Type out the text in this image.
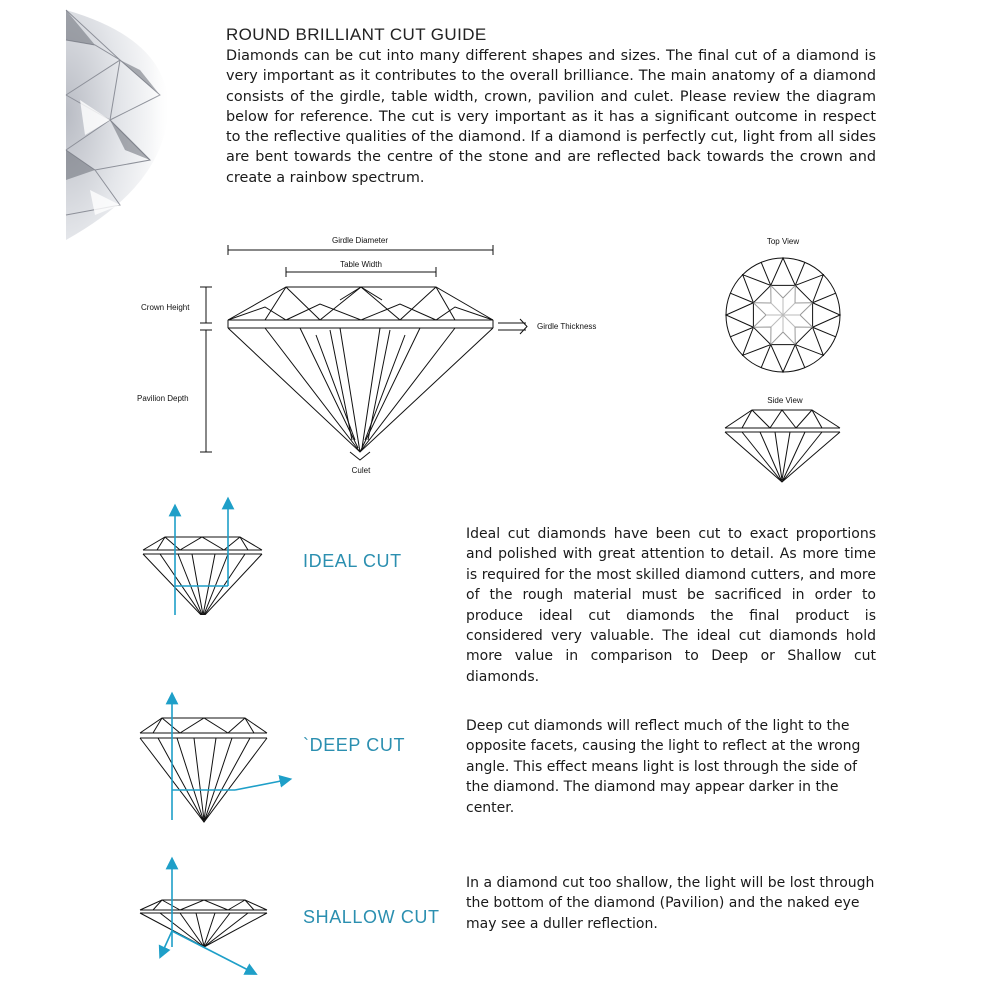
ROUND BRILLIANT CUT GUIDE

Diamonds can be cut into many different shapes and sizes. The final cut of a diamond is very important as it contributes to the overall brilliance. The main anatomy of a diamond consists of the girdle, table width, crown, pavilion and culet. Please review the diagram below for reference. The cut is very important as it has a significant outcome in respect to the reflective qualities of the diamond. If a diamond is perfectly cut, light from all sides are bent towards the centre of the stone and are reflected back towards the crown and create a rainbow spectrum.

Girdle Diameter
Table Width
Crown Height
Girdle Thickness
Pavilion Depth
Culet
Top View
Side View
IDEAL CUT
Ideal cut diamonds have been cut to exact proportions and polished with great attention to detail. As more time is required for the most skilled diamond cutters, and more of the rough material must be sacrificed in order to produce ideal cut diamonds the final product is considered very valuable. The ideal cut diamonds hold more value in comparison to Deep or Shallow cut diamonds.
`DEEP CUT
Deep cut diamonds will reflect much of the light to the opposite facets, causing the light to reflect at the wrong angle. This effect means light is lost through the side of the diamond. The diamond may appear darker in the center.
SHALLOW CUT
In a diamond cut too shallow, the light will be lost through the bottom of the diamond (Pavilion) and the naked eye may see a duller reflection.
